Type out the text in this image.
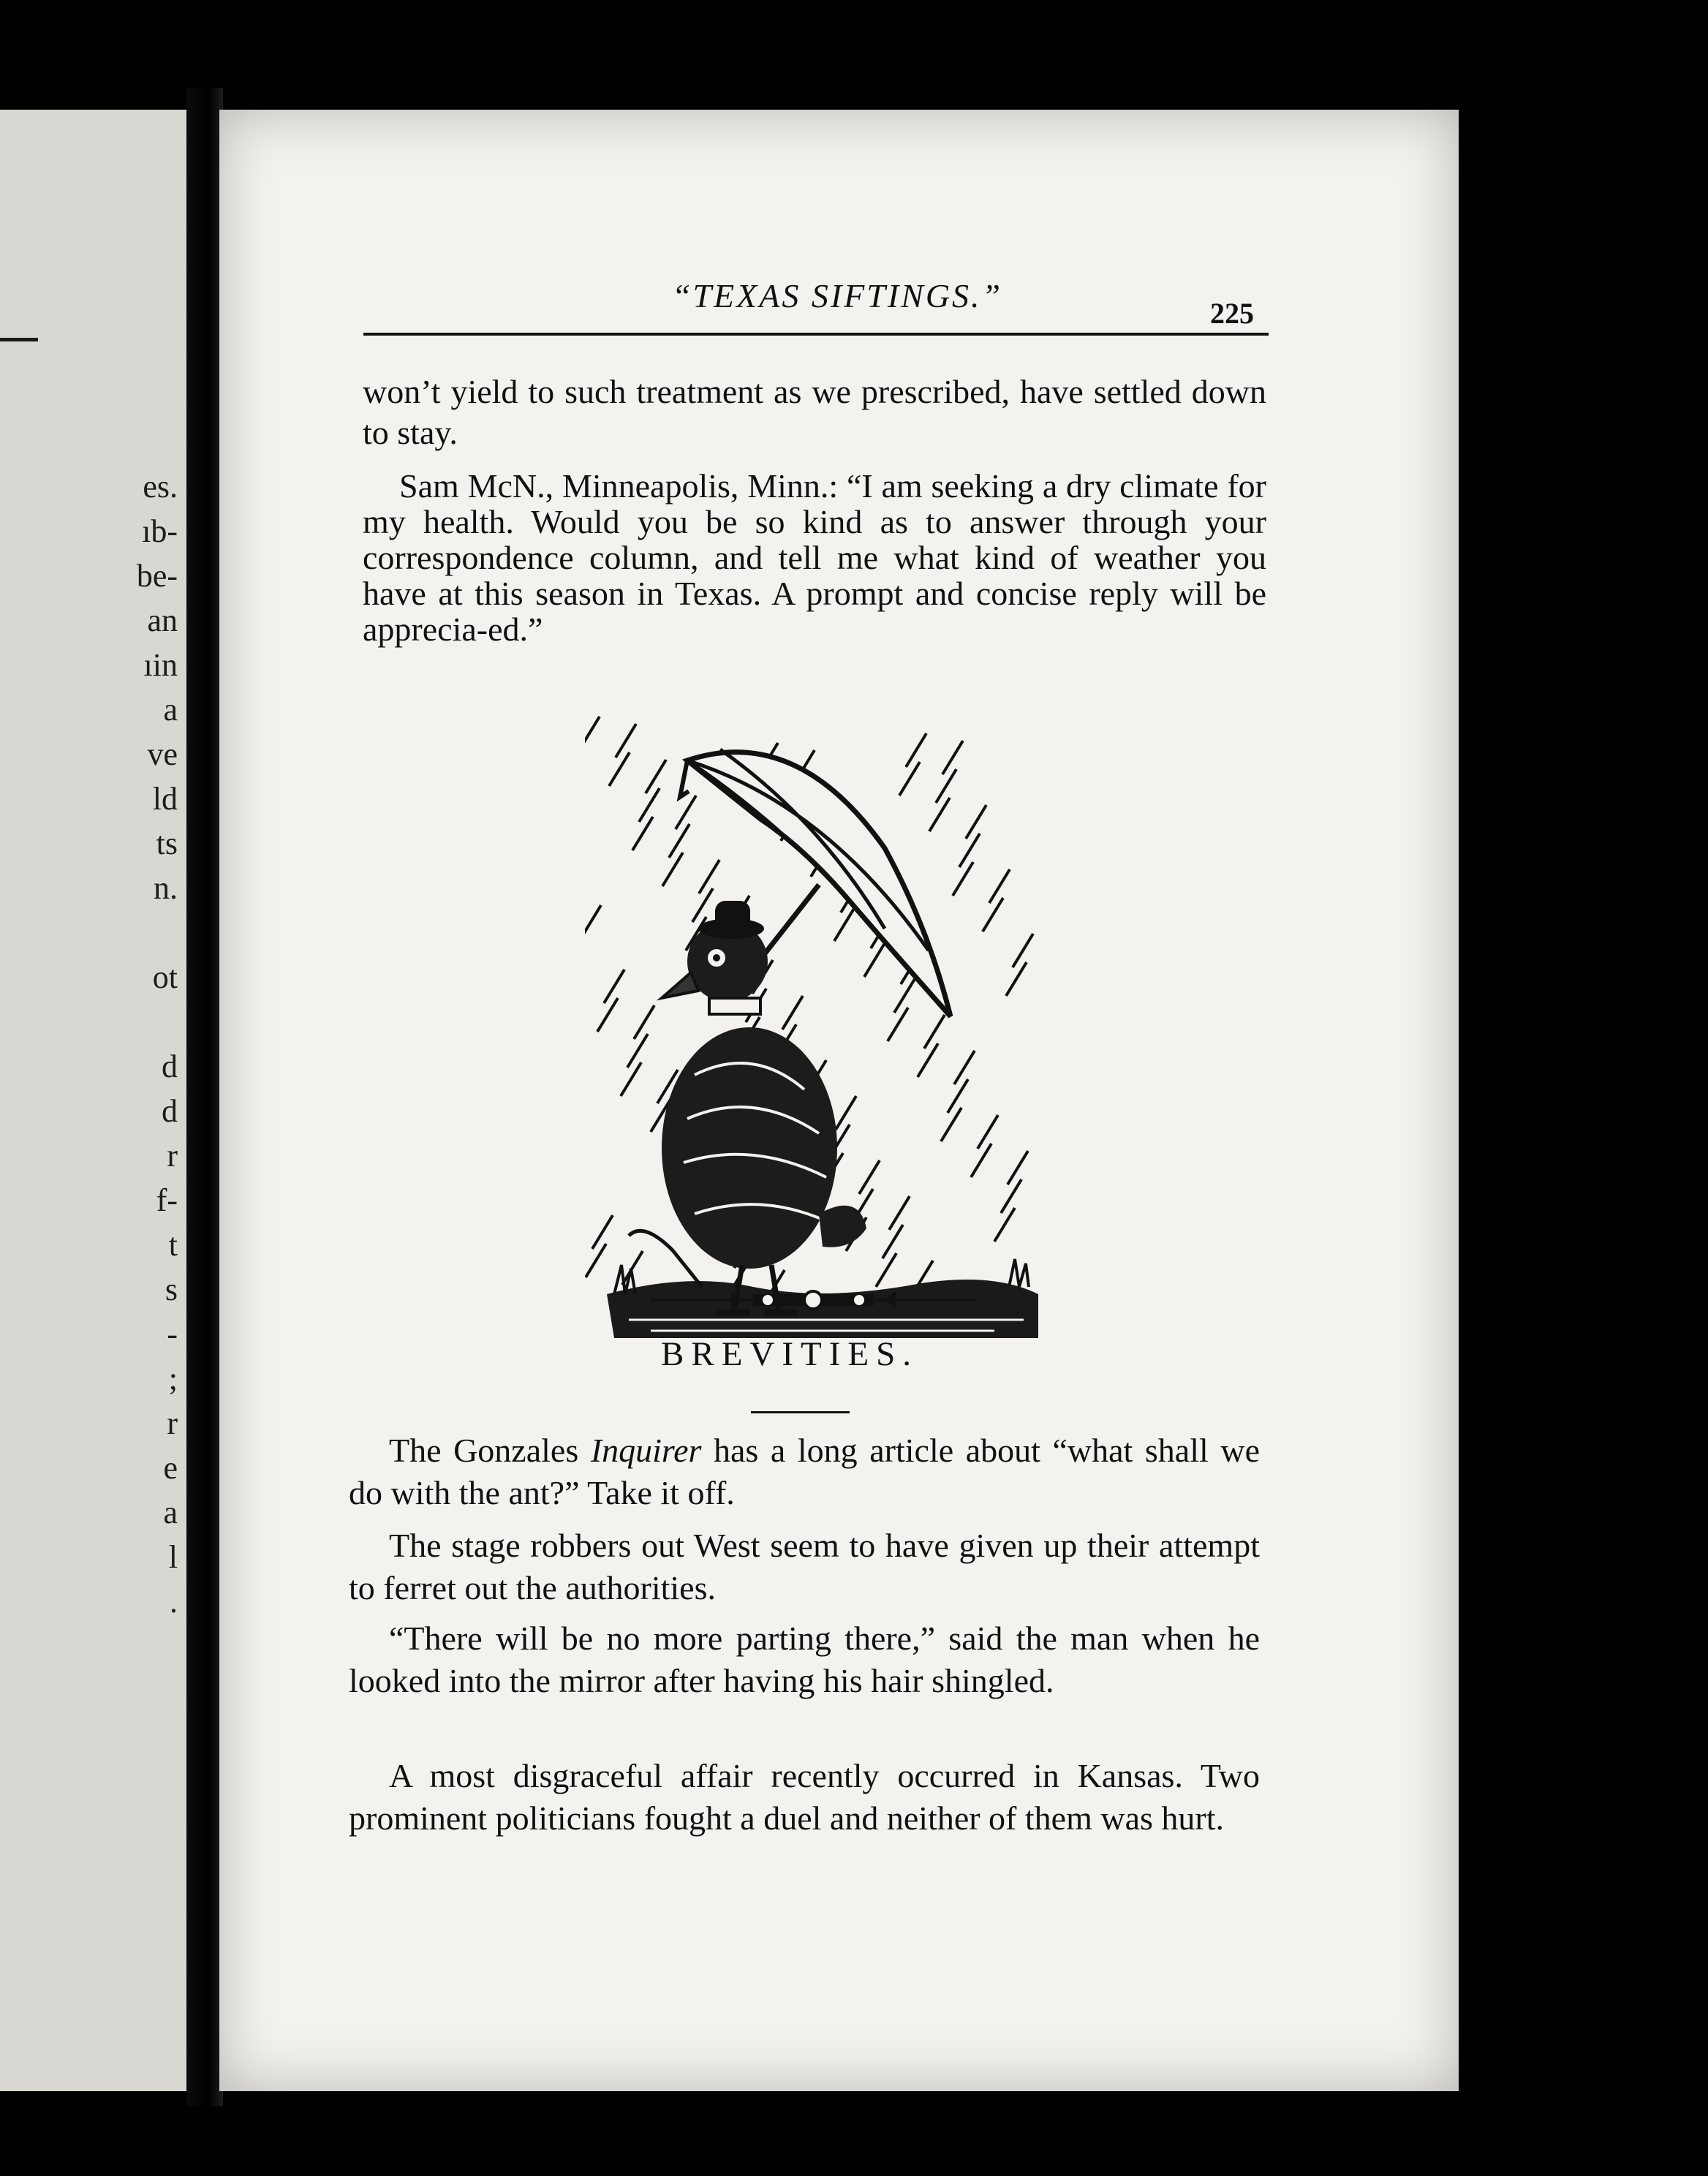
es.
ıb-
be-
an
ıin
a
ve
ld
ts
n.
ot
d
d
r
f-
t
s
-
;
r
e
a
l
.
“TEXAS SIFTINGS.”	225

won’t yield to such treatment as we prescribed, have settled down to stay.

Sam McN., Minneapolis, Minn.: “I am seeking a dry climate for my health. Would you be so kind as to answer through your correspondence column, and tell me what kind of weather you have at this season in Texas. A prompt and concise reply will be apprecia-ed.”

BREVITIES.

The Gonzales Inquirer has a long article about “what shall we do with the ant?” Take it off.

The stage robbers out West seem to have given up their attempt to ferret out the authorities.

“There will be no more parting there,” said the man when he looked into the mirror after having his hair shingled.

A most disgraceful affair recently occurred in Kansas. Two prominent politicians fought a duel and neither of them was hurt.
